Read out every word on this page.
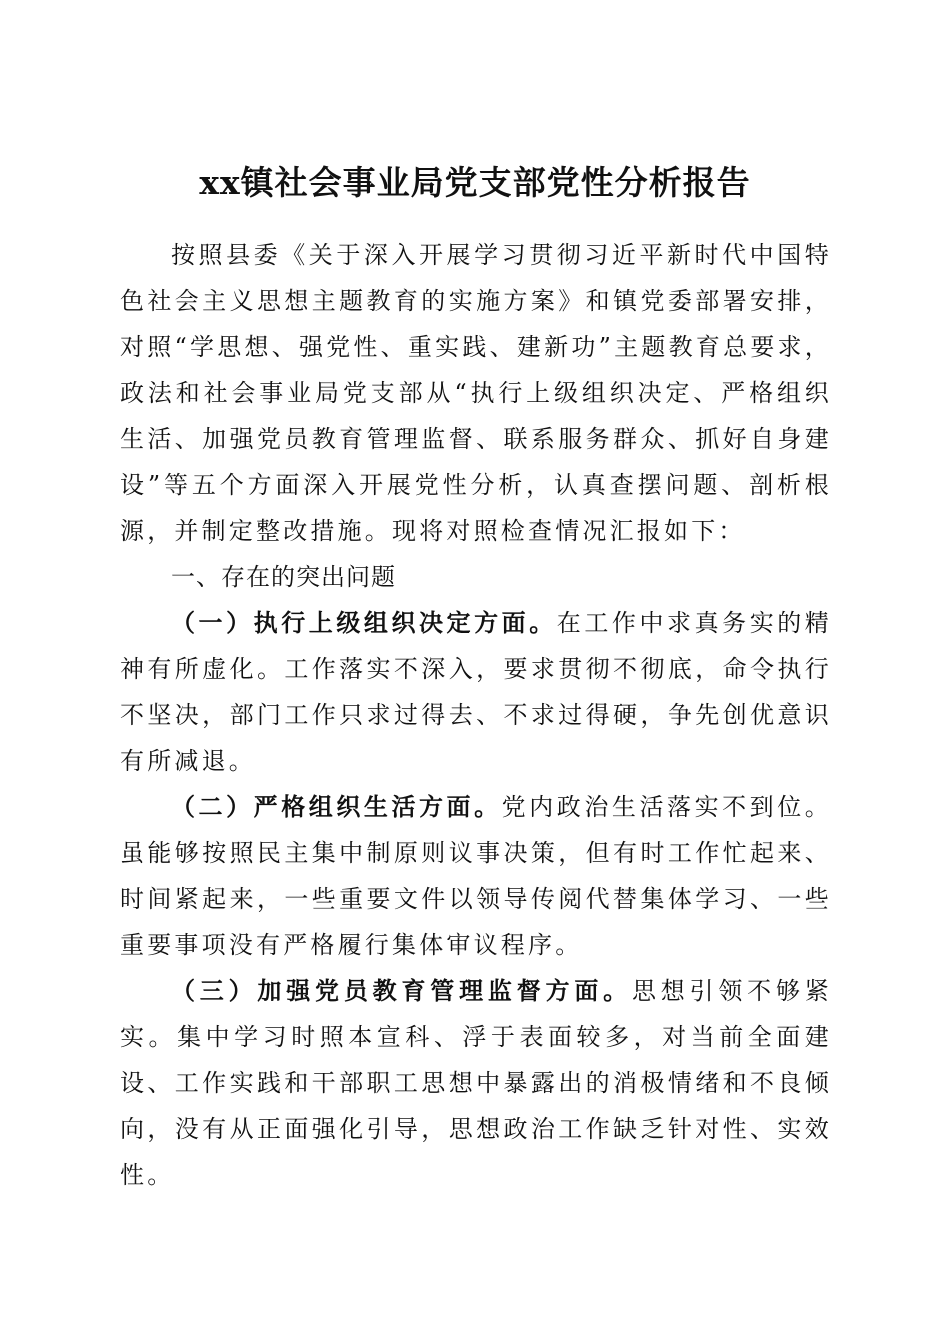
xx镇社会事业局党支部党性分析报告

按照县委《关于深入开展学习贯彻习近平新时代中国特色社会主义思想主题教育的实施方案》和镇党委部署安排，对照“学思想、强党性、重实践、建新功”主题教育总要求，政法和社会事业局党支部从“执行上级组织决定、严格组织生活、加强党员教育管理监督、联系服务群众、抓好自身建设”等五个方面深入开展党性分析，认真查摆问题、剖析根源，并制定整改措施。现将对照检查情况汇报如下：

一、存在的突出问题

（一）执行上级组织决定方面。在工作中求真务实的精神有所虚化。工作落实不深入，要求贯彻不彻底，命令执行不坚决，部门工作只求过得去、不求过得硬，争先创优意识有所减退。

（二）严格组织生活方面。党内政治生活落实不到位。虽能够按照民主集中制原则议事决策，但有时工作忙起来、时间紧起来，一些重要文件以领导传阅代替集体学习、一些重要事项没有严格履行集体审议程序。

（三）加强党员教育管理监督方面。思想引领不够紧实。集中学习时照本宣科、浮于表面较多，对当前全面建设、工作实践和干部职工思想中暴露出的消极情绪和不良倾向，没有从正面强化引导，思想政治工作缺乏针对性、实效性。
